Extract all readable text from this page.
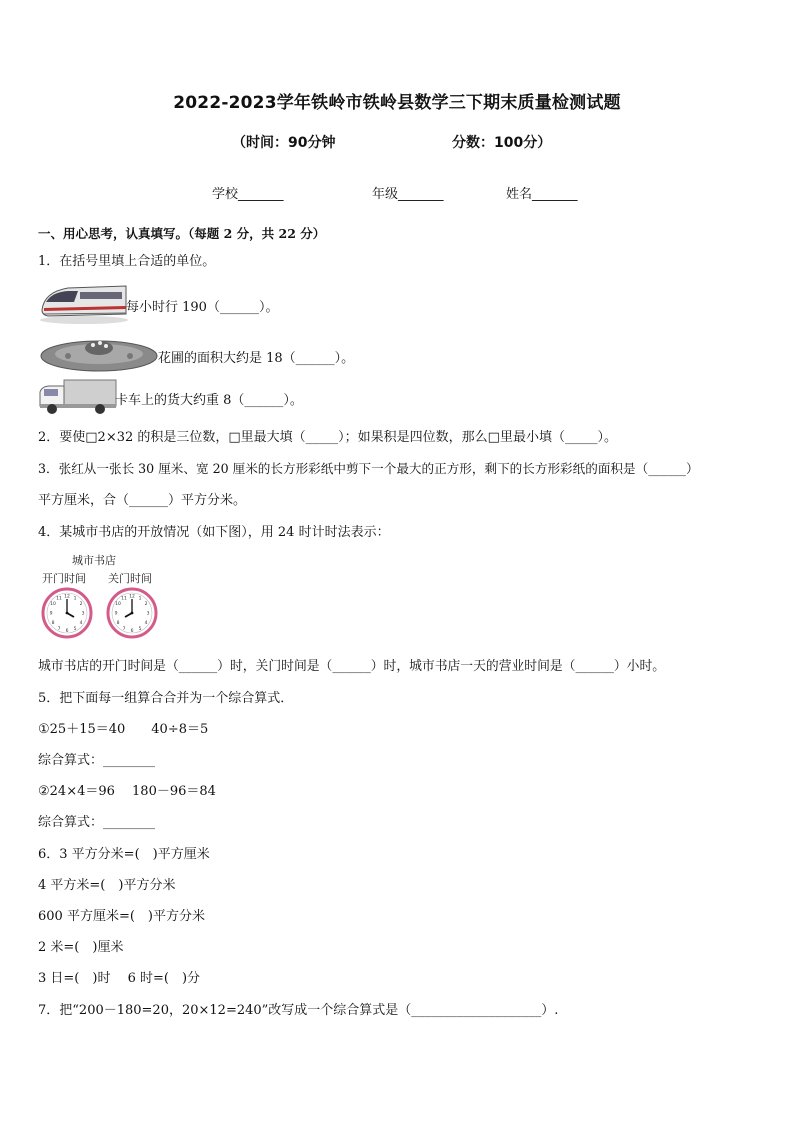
2022-2023学年铁岭市铁岭县数学三下期末质量检测试题
（时间：90分钟	分数：100分）
学校_______	年级_______	姓名_______
一、用心思考，认真填写。（每题 2 分，共 22 分）
1．在括号里填上合适的单位。
每小时行 190（______）。
花圃的面积大约是 18（______）。
卡车上的货大约重 8（______）。
2．要使□2×32 的积是三位数，□里最大填（_____）；如果积是四位数，那么□里最小填（_____）。
3．张红从一张长 30 厘米、宽 20 厘米的长方形彩纸中剪下一个最大的正方形，剩下的长方形彩纸的面积是（______）
平方厘米，合（______）平方分米。
4．某城市书店的开放情况（如下图），用 24 时计时法表示：
城市书店
开门时间 关门时间
12 1
2
3
4
5
6
7
8
9
10
11	12 1
2
3
4
5
6
7
8
9
10
11
城市书店的开门时间是（______）时，关门时间是（______）时，城市书店一天的营业时间是（______）小时。
5．把下面每一组算合合并为一个综合算式．
①25＋15＝40　　40÷8＝5
综合算式：________
②24×4＝96　 180－96＝84
综合算式：________
6．3 平方分米=(　)平方厘米
4 平方米=(　)平方分米
600 平方厘米=(　)平方分米
2 米=(　)厘米
3 日=(　)时　 6 时=(　)分
7．把“200－180=20，20×12=240”改写成一个综合算式是（____________________）.
